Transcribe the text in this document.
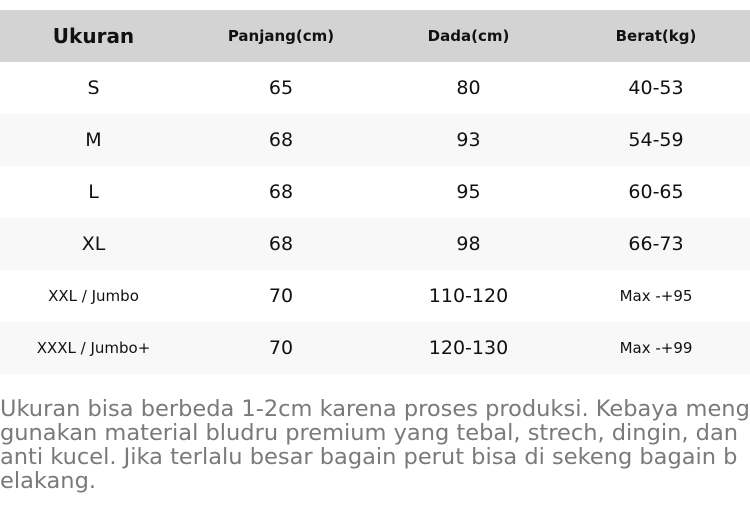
Ukuran	Panjang(cm)	Dada(cm)	Berat(kg)
S	65	80	40-53
M	68	93	54-59
L	68	95	60-65
XL	68	98	66-73
XXL / Jumbo	70	110-120	Max -+95
XXXL / Jumbo+	70	120-130	Max -+99

Ukuran bisa berbeda 1-2cm karena proses produksi. Kebaya menggunakan material bludru premium yang tebal, strech, dingin, dan anti kucel. Jika terlalu besar bagain perut bisa di sekeng bagain belakang.
